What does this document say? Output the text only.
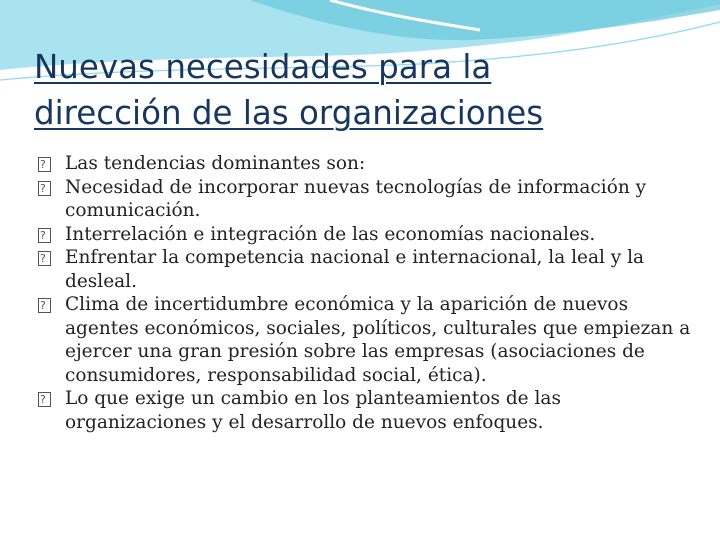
Nuevas necesidades para la
dirección de las organizaciones
?
Las tendencias dominantes son:
?
Necesidad de incorporar nuevas tecnologías de información y comunicación.
?
Interrelación e integración de las economías nacionales.
?
Enfrentar la competencia nacional e internacional, la leal y la desleal.
?
Clima de incertidumbre económica y la aparición de nuevos agentes económicos, sociales, políticos, culturales que empiezan a ejercer una gran presión sobre las empresas (asociaciones de consumidores, responsabilidad social, ética).
?
Lo que exige un cambio en los planteamientos de las organizaciones y el desarrollo de nuevos enfoques.
